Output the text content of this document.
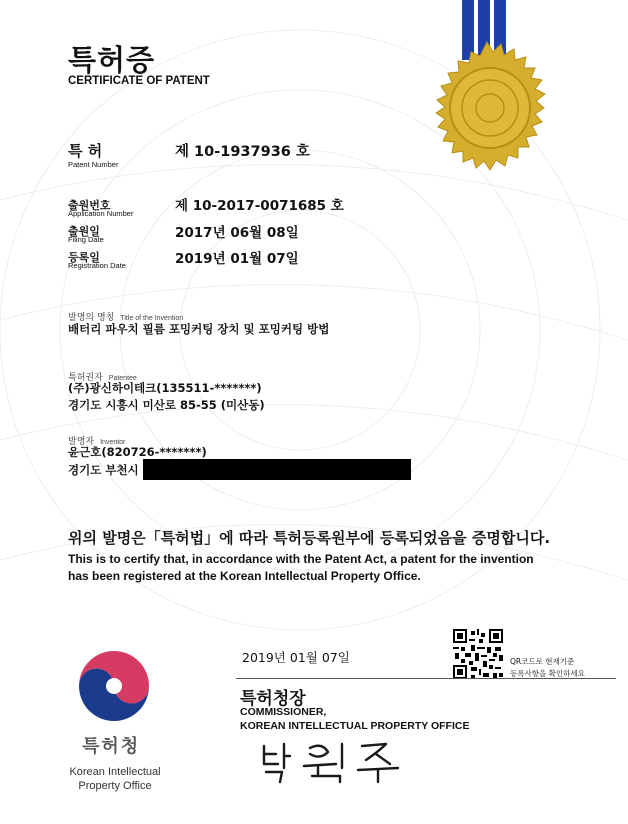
특허증
CERTIFICATE OF PATENT
특 허
Patent Number
제 10-1937936 호
출원번호
Application Number	제 10-2017-0071685 호
출원일
Filing Date	2017년 06월 08일
등록일
Registration Date	2019년 01월 07일
발명의 명칭 Title of the Invention
배터리 파우치 필름 포밍커팅 장치 및 포밍커팅 방법
특허권자 Patentee
(주)광신하이테크(135511-*******)
경기도 시흥시 미산로 85-55 (미산동)
발명자 Inventor
윤근호(820726-*******)
경기도 부천시
위의 발명은「특허법」에 따라 특허등록원부에 등록되었음을 증명합니다.
This is to certify that, in accordance with the Patent Act, a patent for the invention
has been registered at the Korean Intellectual Property Office.
2019년 01월 07일	QR코드로 현재기준
등록사항을 확인하세요
특허청장
COMMISSIONER,
KOREAN INTELLECTUAL PROPERTY OFFICE
특허청
Korean Intellectual
Property Office
